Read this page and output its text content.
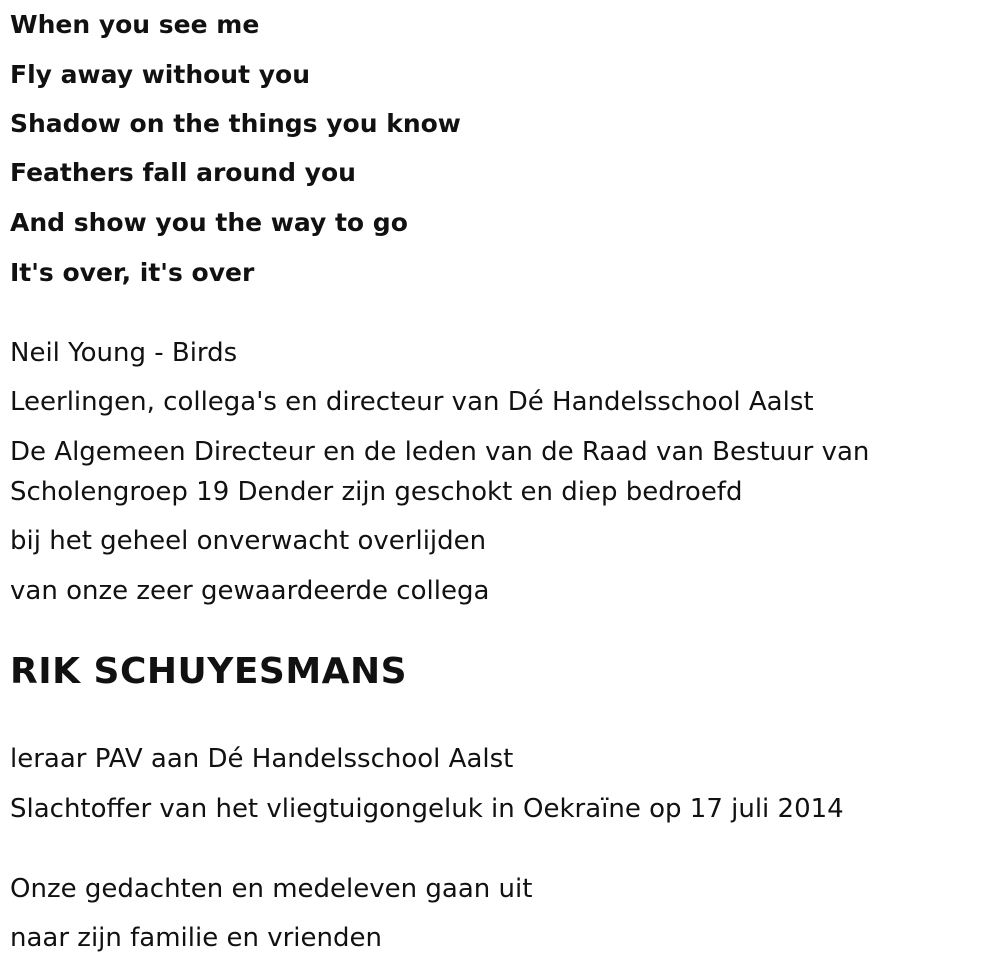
When you see me
Fly away without you
Shadow on the things you know
Feathers fall around you
And show you the way to go
It's over, it's over
Neil Young - Birds
Leerlingen, collega's en directeur van Dé Handelsschool Aalst
De Algemeen Directeur en de leden van de Raad van Bestuur van
Scholengroep 19 Dender zijn geschokt en diep bedroefd
bij het geheel onverwacht overlijden
van onze zeer gewaardeerde collega
RIK SCHUYESMANS
leraar PAV aan Dé Handelsschool Aalst
Slachtoffer van het vliegtuigongeluk in Oekraïne op 17 juli 2014
Onze gedachten en medeleven gaan uit
naar zijn familie en vrienden
